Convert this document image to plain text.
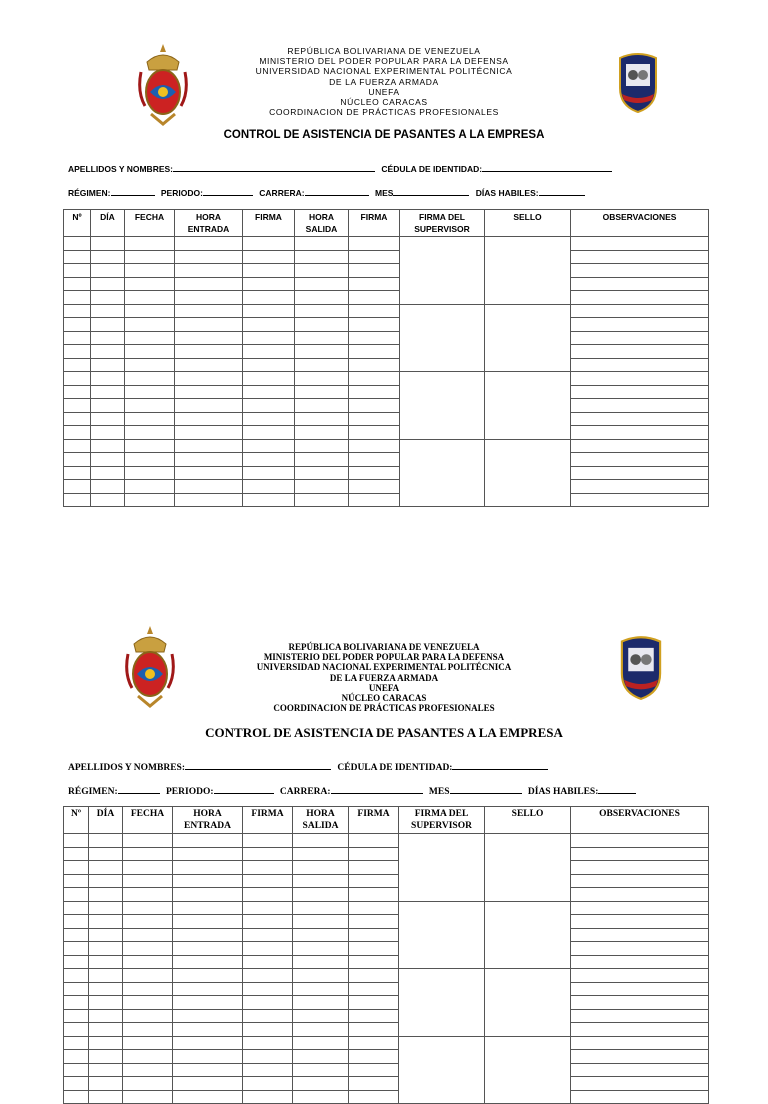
REPÚBLICA BOLIVARIANA DE VENEZUELA
MINISTERIO DEL PODER POPULAR PARA LA DEFENSA
UNIVERSIDAD NACIONAL EXPERIMENTAL POLITÉCNICA
DE LA FUERZA ARMADA
UNEFA
NÚCLEO CARACAS
COORDINACION DE PRÁCTICAS PROFESIONALES
CONTROL DE ASISTENCIA DE PASANTES A LA EMPRESA
APELLIDOS Y NOMBRES:	CÉDULA DE IDENTIDAD:
RÉGIMEN:	PERIODO:	CARRERA:	MES	DÍAS HABILES:
Nº	DÍA	FECHA	HORA ENTRADA	FIRMA	HORA SALIDA	FIRMA	FIRMA DEL SUPERVISOR	SELLO	OBSERVACIONES

REPÚBLICA BOLIVARIANA DE VENEZUELA
MINISTERIO DEL PODER POPULAR PARA LA DEFENSA
UNIVERSIDAD NACIONAL EXPERIMENTAL POLITÉCNICA
DE LA FUERZA ARMADA
UNEFA
NÚCLEO CARACAS
COORDINACION DE PRÁCTICAS PROFESIONALES
CONTROL DE ASISTENCIA DE PASANTES A LA EMPRESA
APELLIDOS Y NOMBRES:	CÉDULA DE IDENTIDAD:
RÉGIMEN:	PERIODO:	CARRERA:	MES	DÍAS HABILES:
Nº	DÍA	FECHA	HORA ENTRADA	FIRMA	HORA SALIDA	FIRMA	FIRMA DEL SUPERVISOR	SELLO	OBSERVACIONES
